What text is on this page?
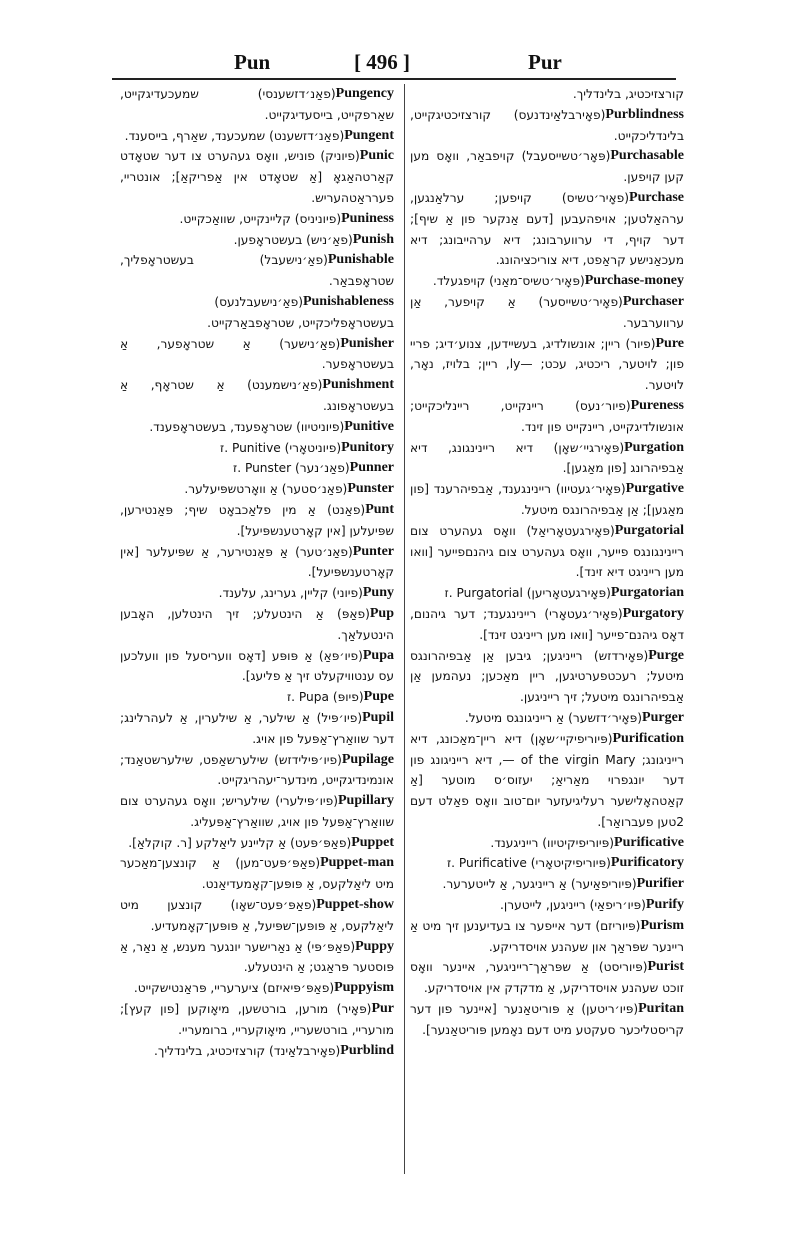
Pun	[ 496 ]	Pur

Pungency
(פאַנ׳דזשענסי) שמעכעדיגקייט, שאַרפקייט, בייסעדיגקייט.

Pungent
(פאַנ׳דזשענט) שמעכענד, שאַרף, בייסענד.

Punic
(פיוניק) פוניש, וואָס געהערט צו דער שטאָדט קאַרטהאַגאָ [אַ שטאָדט אין אַפריקאַ]; אונטריי, פערראַטהעריש.

Puniness
(פיוניניס) קליינקייט, שוואַכקייט.

Punish
(פאַ׳ניש) בעשטראָפען.

Punishable
(פאַ׳נישעבל) בעשטראָפליך, שטראָפבאַר.

Punishableness
(פאַ׳נישעבלנעס) בעשטראָפליכקייט, שטראָפבאַרקייט.

Punisher
(פאַ׳נישער) אַ שטראָפער, אַ בעשטראָפער.

Punishment
(פאַ׳נישמענט) אַ שטראָף, אַ בעשטראָפונג.

Punitive
(פיוניטיוו) שטראָפענד, בעשטראָפענד.

Punitory
(פיוניטאָרי) Punitive .ז

Punner
(פאַנ׳נער) Punster .ז

Punster
(פאַנ׳סטער) אַ וואָרטשפּיעלער.

Punt
(פאַנט) אַ מין פלאַכבאָט שיף; פּאַנטירען, שפּיעלען [אין קאָרטענשפּיעל].

Punter
(פאַנ׳טער) אַ פּאַנטירער, אַ שפּיעלער [אין קאָרטענשפּיעל].

Puny
(פיוני) קליין, גערינג, עלענד.

Pup
(פאַפּ) אַ הינטעלע; זיך הינטלען, האָבען הינטעלאַך.

Pupa
(פיו׳פּאַ) אַ פּופּע [דאָס וועריסעל פון וועלכען עס ענטוויקעלט זיך אַ פליעג].

Pupe
(פיופּ) Pupa .ז

Pupil
(פיו׳פּיל) אַ שילער, אַ שילערין, אַ לעהרלינג; דער שוואַרץ־אַפּעל פון אויג.

Pupilage
(פיו׳פּילידזש) שילערשאַפט, שילערשטאַנד; אונמינדיגקייט, מינדער־יעהריגקייט.

Pupillary
(פיו׳פּילערי) שילעריש; וואָס געהערט צום שוואַרץ־אַפּעל פון אויג, שוואַרץ־אַפּעליג.

Puppet
(פאַפּ׳פּעט) אַ קליינע ליאַלקע [ר. קוקלאַ].

Puppet-man
(פאַפּ׳פּעט־מען) אַ קונצען־מאַכער מיט ליאַלקעס, אַ פּופּען־קאָמעדיאַנט.

Puppet-show
(פאַפּ׳פּעט־שאָו) קונצען מיט ליאַלקעס, אַ פּופּען־שפּיעל, אַ פּופּען־קאָמעדיע.

Puppy
(פאַפּ׳פּי) אַ נאַרישער יונגער מענש, אַ נאַר, אַ פּוסטער פּראַגט; אַ הינטעלע.

Puppyism
(פאַפּ׳פּיאיזם) ציערעריי, פּראַנטישקייט.

Pur
(פּאָיר) מורען, בורטשען, מיאָוקען [פון קעץ]; מורעריי, בורטשעריי, מיאָוקעריי, ברומעריי.

Purblind
(פאָירבלאַינד) קורצזיכטיג, בלינדליך.

קורצזיכטיג, בלינדליך.

Purblindness
(פאָירבלאַינדנעס) קורצזיכטיגקייט, בלינדליכקייט.

Purchasable
(פּאָר׳טשייסעבל) קויפבאַר, וואָס מען קען קויפען.

Purchase
(פאָיר׳טשיס) קויפען; ערלאַנגען, ערהאַלטען; אויפהעבען [דעם אַנקער פון אַ שיף]; דער קויף, די ערווערבונג; דיא ערהייבונג; דיא מעכאַנישע קראַפט, דיא צוריכציהונג.

Purchase-money
(פּאָיר׳טשיס־מאַני) קויפגעלד.

Purchaser
(פאָיר׳טשייסער) אַ קויפער, אַן ערווערבער.

Pure
(פיור) ריין; אונשולדיג, בעשיידען, צנוע׳דיג; פריי פון; לויטער, ריכטיג, עכט; —ly, ריין; בלויז, נאָר, לויטער.

Pureness
(פיור׳נעס) ריינקייט, ריינליכקייט; אונשולדיגקייט, ריינקייט פון זינד.

Purgation
(פּאָירגיי׳שאָן) דיא ריינינגונג, דיא אַבפיהרונג [פון מאַגען].

Purgative
(פּאָיר׳געטיוו) ריינינגענד, אַבפיהרענד [פון מאַגען]; אַן אַבפיהרונגס מיטעל.

Purgatorial
(פּאָירגעטאָריאַל) וואָס געהערט צום ריינינגונגס פייער, וואָס געהערט צום גיהנםפייער [וואו מען רייניגט דיא זינד].

Purgatorian
(פּאָירגעטאָריען) Purgatorial .ז

Purgatory
(פּאָיר׳געטאָרי) ריינינגענד; דער גיהנום, דאָס גיהנם־פייער [וואו מען רייניגט זינד].

Purge
(פּאָירדזש) רייניגען; גיבען אַן אַבפיהרונגס מיטעל; רעכטפערטיגען, ריין מאַכען; נעהמען אַן אַבפיהרונגס מיטעל; זיך רייניגען.

Purger
(פּאָיר׳דזשער) אַ רייניגונגס מיטעל.

Purification
(פּיוריפיקיי׳שאָן) דיא ריין־מאַכונג, דיא רייניגונג; of the virgin Mary —, דיא רייניגונג פון דער יונגפרוי מאַריאַ; יעזוס׳ס מוטער [אַ קאַטהאָלישער רעליגיעזער יום־טוב וואָס פאַלט דעם 2טען פעברואַר].

Purificative
(פּיוריפיקיטיוו) רייניגענד.

Purificatory
(פּיוריפיקיטאָרי) Purificative .ז

Purifier
(פּיוריפאַיער) אַ רייניגער, אַ לייטערער.

Purify
(פּיו׳ריפאַי) רייניגען, לייטערן.

Purism
(פּיוריזם) דער אייפער צו בעדיענען זיך מיט אַ ריינער שפּראַך און שעהנע אויסדריקע.

Purist
(פּיוריסט) אַ שפּראַך־רייניגער, איינער וואָס זוכט שעהנע אויסדריקע, אַ מדקדק אין אויסדריקע.

Puritan
(פּיו׳ריטען) אַ פּוריטאַנער [איינער פון דער קריסטליכער סעקטע מיט דעם נאָמען פּוריטאַנער].
